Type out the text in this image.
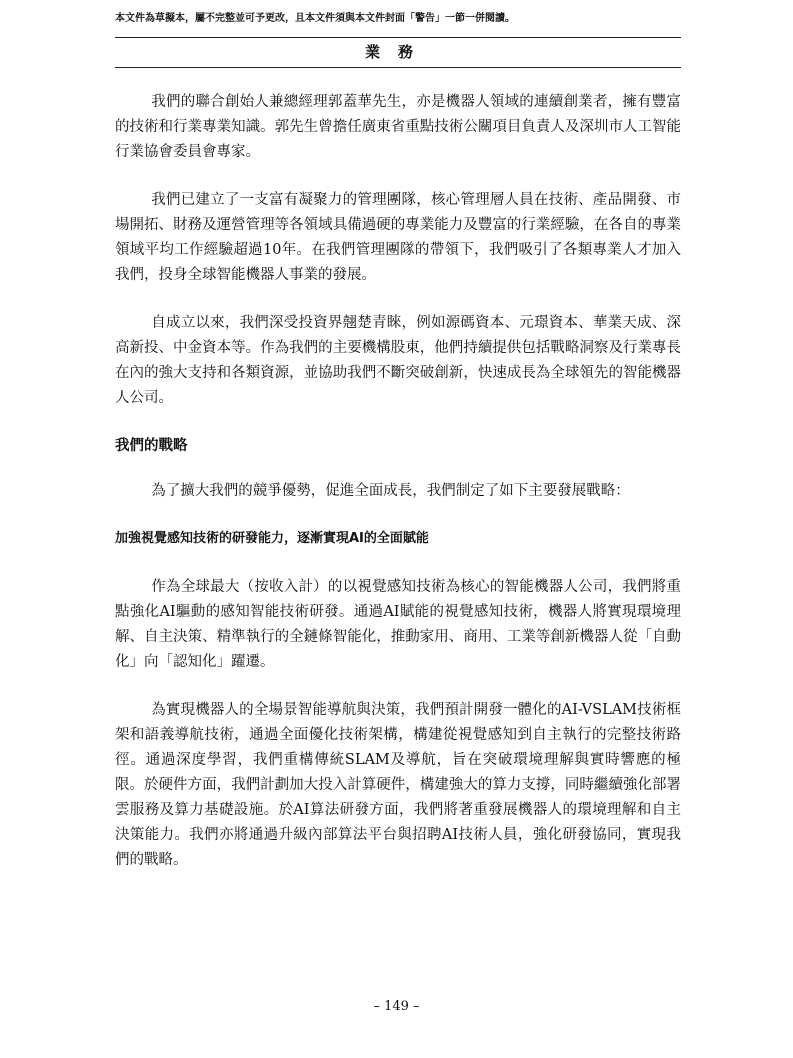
本文件為草擬本，屬不完整並可予更改，且本文件須與本文件封面「警告」一節一併閱讀。
業務

我們的聯合創始人兼總經理郭蓋華先生，亦是機器人領域的連續創業者，擁有豐富的技術和行業專業知識。郭先生曾擔任廣東省重點技術公關項目負責人及深圳市人工智能行業協會委員會專家。

我們已建立了一支富有凝聚力的管理團隊，核心管理層人員在技術、產品開發、市場開拓、財務及運營管理等各領域具備過硬的專業能力及豐富的行業經驗，在各自的專業領域平均工作經驗超過10年。在我們管理團隊的帶領下，我們吸引了各類專業人才加入我們，投身全球智能機器人事業的發展。

自成立以來，我們深受投資界翹楚青睞，例如源碼資本、元璟資本、華業天成、深高新投、中金資本等。作為我們的主要機構股東，他們持續提供包括戰略洞察及行業專長在內的強大支持和各類資源，並協助我們不斷突破創新，快速成長為全球領先的智能機器人公司。

我們的戰略

為了擴大我們的競爭優勢，促進全面成長，我們制定了如下主要發展戰略：

加強視覺感知技術的研發能力，逐漸實現AI的全面賦能

作為全球最大（按收入計）的以視覺感知技術為核心的智能機器人公司，我們將重點強化AI驅動的感知智能技術研發。通過AI賦能的視覺感知技術，機器人將實現環境理解、自主決策、精準執行的全鏈條智能化，推動家用、商用、工業等創新機器人從「自動化」向「認知化」躍遷。

為實現機器人的全場景智能導航與決策，我們預計開發一體化的AI-VSLAM技術框架和語義導航技術，通過全面優化技術架構，構建從視覺感知到自主執行的完整技術路徑。通過深度學習，我們重構傳統SLAM及導航，旨在突破環境理解與實時響應的極限。於硬件方面，我們計劃加大投入計算硬件，構建強大的算力支撐，同時繼續強化部署雲服務及算力基礎設施。於AI算法研發方面，我們將著重發展機器人的環境理解和自主決策能力。我們亦將通過升級內部算法平台與招聘AI技術人員，強化研發協同，實現我們的戰略。

– 149 –
